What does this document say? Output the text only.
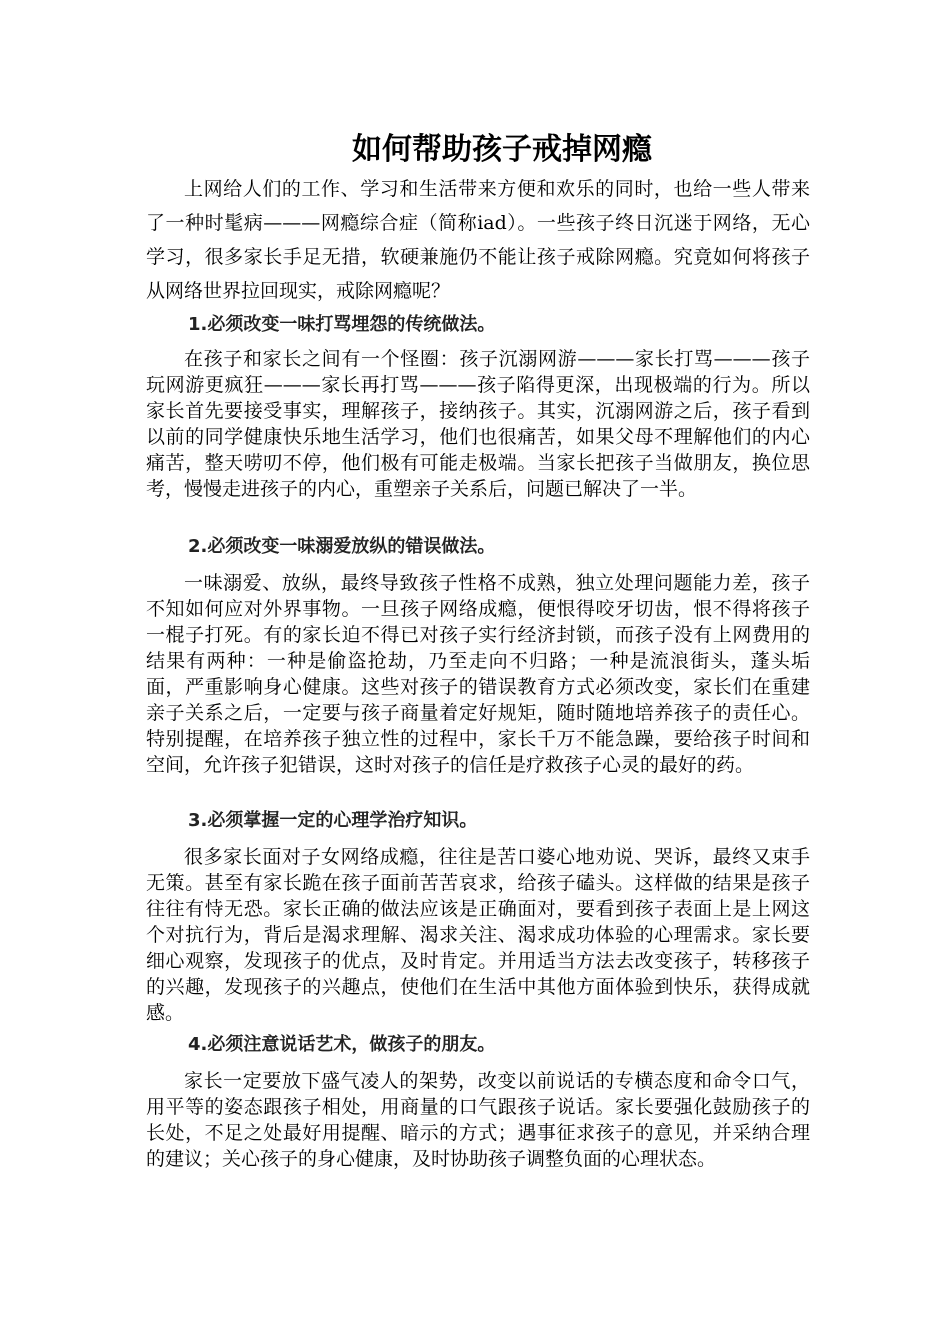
如何帮助孩子戒掉网瘾

上网给人们的工作、学习和生活带来方便和欢乐的同时，也给一些人带来了一种时髦病———网瘾综合症（简称iad）。一些孩子终日沉迷于网络，无心学习，很多家长手足无措，软硬兼施仍不能让孩子戒除网瘾。究竟如何将孩子从网络世界拉回现实，戒除网瘾呢？

1.必须改变一味打骂埋怨的传统做法。

在孩子和家长之间有一个怪圈：孩子沉溺网游———家长打骂———孩子玩网游更疯狂———家长再打骂———孩子陷得更深，出现极端的行为。所以家长首先要接受事实，理解孩子，接纳孩子。其实，沉溺网游之后，孩子看到以前的同学健康快乐地生活学习，他们也很痛苦，如果父母不理解他们的内心痛苦，整天唠叨不停，他们极有可能走极端。当家长把孩子当做朋友，换位思考，慢慢走进孩子的内心，重塑亲子关系后，问题已解决了一半。

2.必须改变一味溺爱放纵的错误做法。

一味溺爱、放纵，最终导致孩子性格不成熟，独立处理问题能力差，孩子不知如何应对外界事物。一旦孩子网络成瘾，便恨得咬牙切齿，恨不得将孩子一棍子打死。有的家长迫不得已对孩子实行经济封锁，而孩子没有上网费用的结果有两种：一种是偷盗抢劫，乃至走向不归路；一种是流浪街头，蓬头垢面，严重影响身心健康。这些对孩子的错误教育方式必须改变，家长们在重建亲子关系之后，一定要与孩子商量着定好规矩，随时随地培养孩子的责任心。特别提醒，在培养孩子独立性的过程中，家长千万不能急躁，要给孩子时间和空间，允许孩子犯错误，这时对孩子的信任是疗救孩子心灵的最好的药。

3.必须掌握一定的心理学治疗知识。

很多家长面对子女网络成瘾，往往是苦口婆心地劝说、哭诉，最终又束手无策。甚至有家长跪在孩子面前苦苦哀求，给孩子磕头。这样做的结果是孩子往往有恃无恐。家长正确的做法应该是正确面对，要看到孩子表面上是上网这个对抗行为，背后是渴求理解、渴求关注、渴求成功体验的心理需求。家长要细心观察，发现孩子的优点，及时肯定。并用适当方法去改变孩子，转移孩子的兴趣，发现孩子的兴趣点，使他们在生活中其他方面体验到快乐，获得成就感。

4.必须注意说话艺术，做孩子的朋友。

家长一定要放下盛气凌人的架势，改变以前说话的专横态度和命令口气，用平等的姿态跟孩子相处，用商量的口气跟孩子说话。家长要强化鼓励孩子的长处，不足之处最好用提醒、暗示的方式；遇事征求孩子的意见，并采纳合理的建议；关心孩子的身心健康，及时协助孩子调整负面的心理状态。
